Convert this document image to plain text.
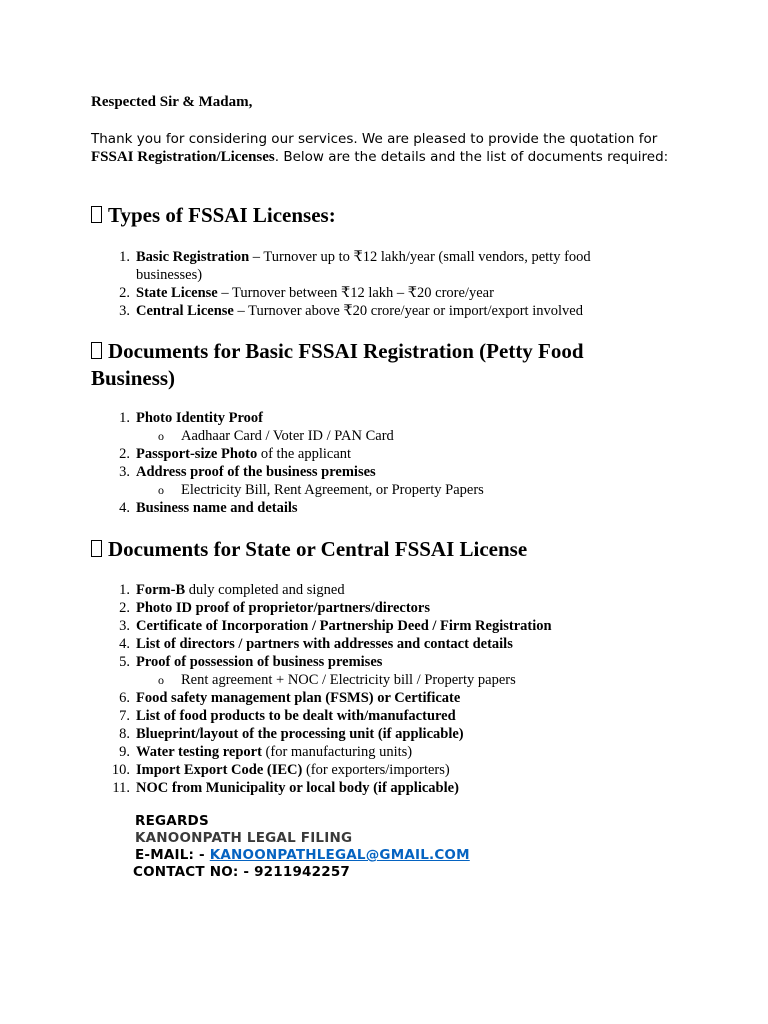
Respected Sir & Madam,
Thank you for considering our services. We are pleased to provide the quotation for
FSSAI Registration/Licenses. Below are the details and the list of documents required:
Types of FSSAI Licenses:
1. Basic Registration – Turnover up to ₹12 lakh/year (small vendors, petty food
businesses)
2. State License – Turnover between ₹12 lakh – ₹20 crore/year
3. Central License – Turnover above ₹20 crore/year or import/export involved
Documents for Basic FSSAI Registration (Petty Food
Business)
1. Photo Identity Proof
o Aadhaar Card / Voter ID / PAN Card
2. Passport-size Photo of the applicant
3. Address proof of the business premises
o Electricity Bill, Rent Agreement, or Property Papers
4. Business name and details
Documents for State or Central FSSAI License
1. Form-B duly completed and signed
2. Photo ID proof of proprietor/partners/directors
3. Certificate of Incorporation / Partnership Deed / Firm Registration
4. List of directors / partners with addresses and contact details
5. Proof of possession of business premises
o Rent agreement + NOC / Electricity bill / Property papers
6. Food safety management plan (FSMS) or Certificate
7. List of food products to be dealt with/manufactured
8. Blueprint/layout of the processing unit (if applicable)
9. Water testing report (for manufacturing units)
10. Import Export Code (IEC) (for exporters/importers)
11. NOC from Municipality or local body (if applicable)
REGARDS
KANOONPATH LEGAL FILING
E-MAIL: - KANOONPATHLEGAL@GMAIL.COM
CONTACT NO: - 9211942257
